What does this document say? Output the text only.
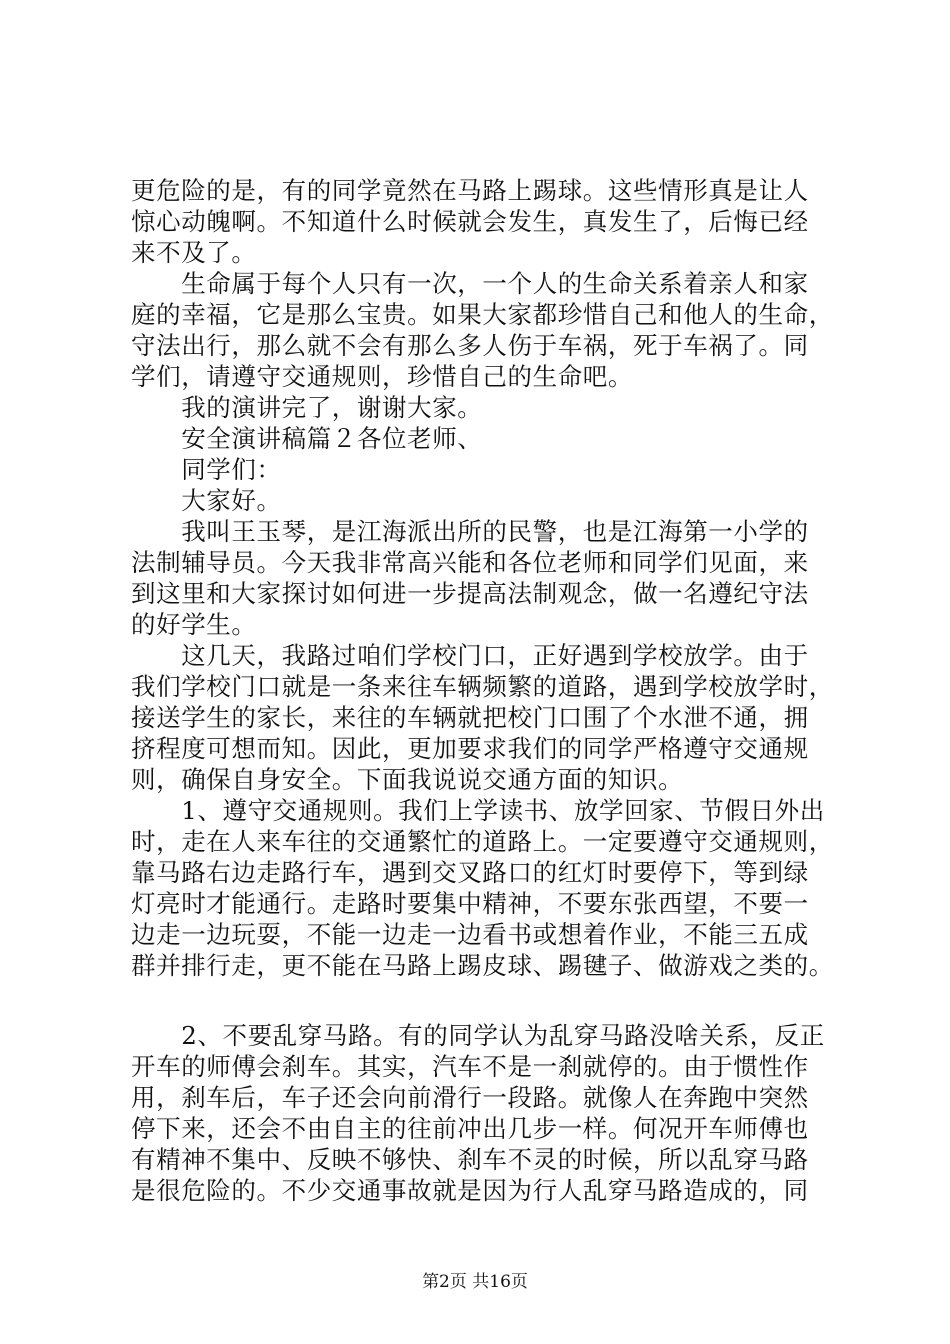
更危险的是，有的同学竟然在马路上踢球。这些情形真是让人
惊心动魄啊。不知道什么时候就会发生，真发生了，后悔已经
来不及了。
　　生命属于每个人只有一次，一个人的生命关系着亲人和家
庭的幸福，它是那么宝贵。如果大家都珍惜自己和他人的生命，
守法出行，那么就不会有那么多人伤于车祸，死于车祸了。同
学们，请遵守交通规则，珍惜自己的生命吧。
　　我的演讲完了，谢谢大家。
　　安全演讲稿篇２各位老师、
　　同学们：
　　大家好。
　　我叫王玉琴，是江海派出所的民警，也是江海第一小学的
法制辅导员。今天我非常高兴能和各位老师和同学们见面，来
到这里和大家探讨如何进一步提高法制观念，做一名遵纪守法
的好学生。
　　这几天，我路过咱们学校门口，正好遇到学校放学。由于
我们学校门口就是一条来往车辆频繁的道路，遇到学校放学时，
接送学生的家长，来往的车辆就把校门口围了个水泄不通，拥
挤程度可想而知。因此，更加要求我们的同学严格遵守交通规
则，确保自身安全。下面我说说交通方面的知识。
　　1、遵守交通规则。我们上学读书、放学回家、节假日外出
时，走在人来车往的交通繁忙的道路上。一定要遵守交通规则，
靠马路右边走路行车，遇到交叉路口的红灯时要停下，等到绿
灯亮时才能通行。走路时要集中精神，不要东张西望，不要一
边走一边玩耍，不能一边走一边看书或想着作业，不能三五成
群并排行走，更不能在马路上踢皮球、踢毽子、做游戏之类的。
　　2、不要乱穿马路。有的同学认为乱穿马路没啥关系，反正
开车的师傅会刹车。其实，汽车不是一刹就停的。由于惯性作
用，刹车后，车子还会向前滑行一段路。就像人在奔跑中突然
停下来，还会不由自主的往前冲出几步一样。何况开车师傅也
有精神不集中、反映不够快、刹车不灵的时候，所以乱穿马路
是很危险的。不少交通事故就是因为行人乱穿马路造成的，同
第2页 共16页
